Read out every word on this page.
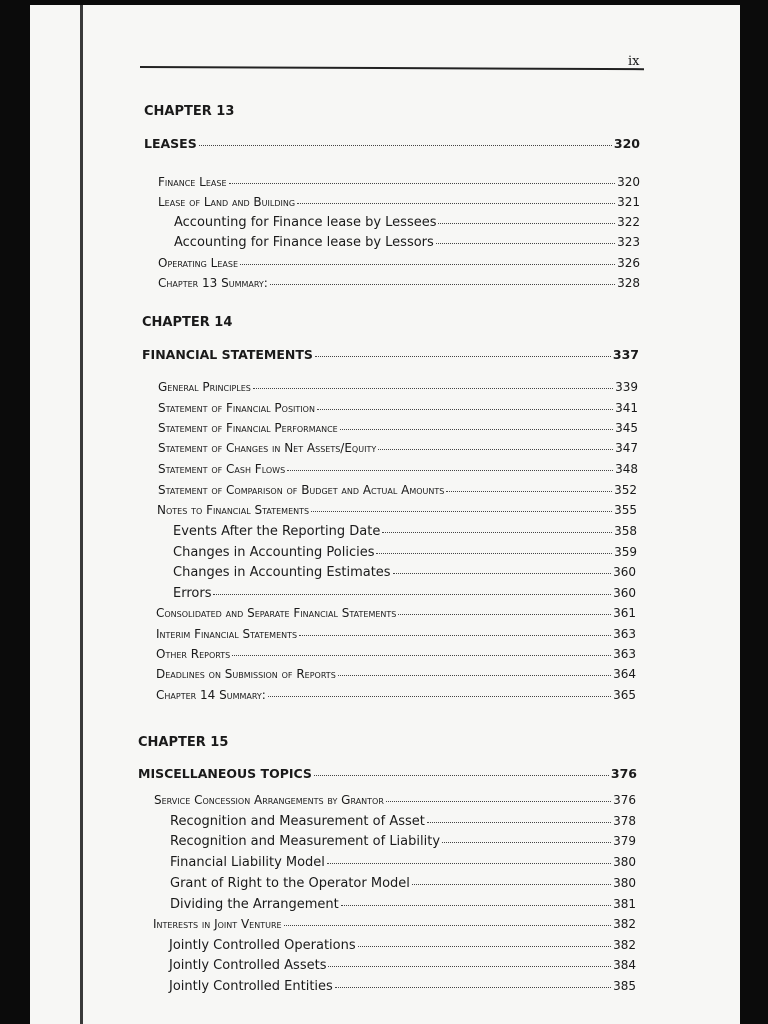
ix
CHAPTER 13
LEASES	320
Finance Lease	320
Lease of Land and Building	321
Accounting for Finance lease by Lessees	322
Accounting for Finance lease by Lessors	323
Operating Lease	326
Chapter 13 Summary:	328
CHAPTER 14
FINANCIAL STATEMENTS	337
General Principles	339
Statement of Financial Position	341
Statement of Financial Performance	345
Statement of Changes in Net Assets/Equity	347
Statement of Cash Flows	348
Statement of Comparison of Budget and Actual Amounts	352
Notes to Financial Statements	355
Events After the Reporting Date	358
Changes in Accounting Policies	359
Changes in Accounting Estimates	360
Errors	360
Consolidated and Separate Financial Statements	361
Interim Financial Statements	363
Other Reports	363
Deadlines on Submission of Reports	364
Chapter 14 Summary:	365
CHAPTER 15
MISCELLANEOUS TOPICS	376
Service Concession Arrangements by Grantor	376
Recognition and Measurement of Asset	378
Recognition and Measurement of Liability	379
Financial Liability Model	380
Grant of Right to the Operator Model	380
Dividing the Arrangement	381
Interests in Joint Venture	382
Jointly Controlled Operations	382
Jointly Controlled Assets	384
Jointly Controlled Entities	385
